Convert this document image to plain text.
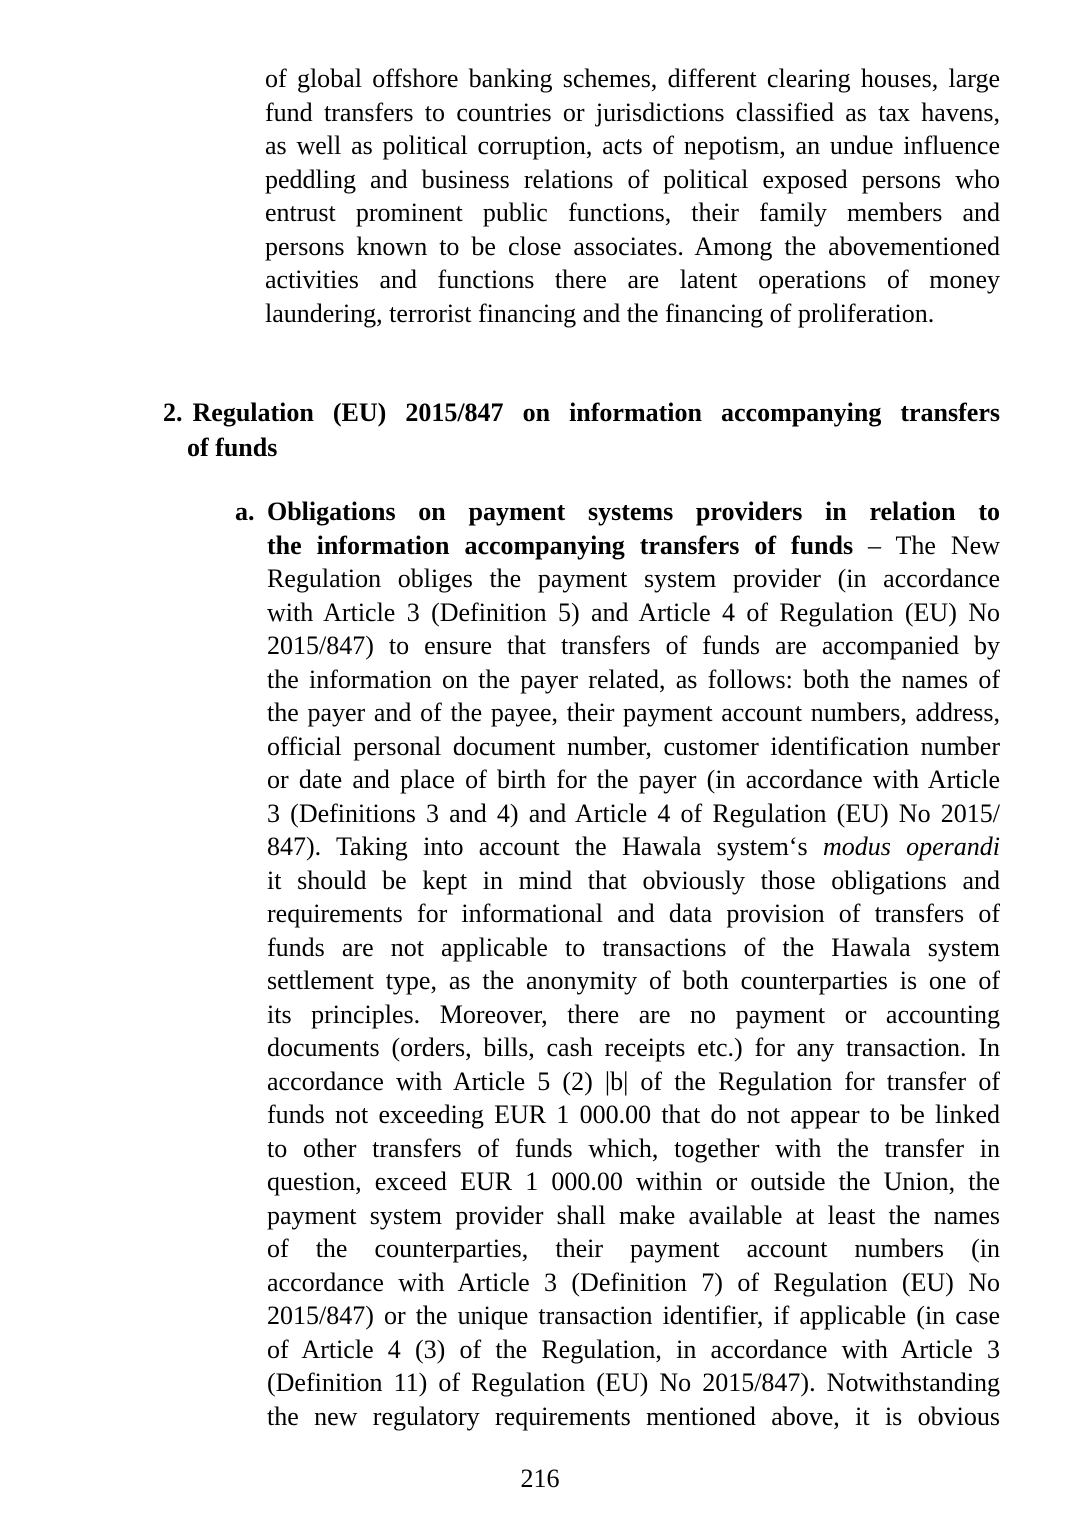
of global offshore banking schemes, different clearing houses, large
fund transfers to countries or jurisdictions classified as tax havens,
as well as political corruption, acts of nepotism, an undue influence
peddling and business relations of political exposed persons who
entrust prominent public functions, their family members and
persons known to be close associates. Among the abovementioned
activities and functions there are latent operations of money
laundering, terrorist financing and the financing of proliferation.
2. Regulation (EU) 2015/847 on information accompanying transfers
of funds
a. Obligations on payment systems providers in relation to
the information accompanying transfers of funds – The New
Regulation obliges the payment system provider (in accordance
with Article 3 (Definition 5) and Article 4 of Regulation (EU) No
2015/847) to ensure that transfers of funds are accompanied by
the information on the payer related, as follows: both the names of
the payer and of the payee, their payment account numbers, address,
official personal document number, customer identification number
or date and place of birth for the payer (in accordance with Article
3 (Definitions 3 and 4) and Article 4 of Regulation (EU) No 2015/
847). Taking into account the Hawala system‘s modus operandi
it should be kept in mind that obviously those obligations and
requirements for informational and data provision of transfers of
funds are not applicable to transactions of the Hawala system
settlement type, as the anonymity of both counterparties is one of
its principles. Moreover, there are no payment or accounting
documents (orders, bills, cash receipts etc.) for any transaction. In
accordance with Article 5 (2) |b| of the Regulation for transfer of
funds not exceeding EUR 1 000.00 that do not appear to be linked
to other transfers of funds which, together with the transfer in
question, exceed EUR 1 000.00 within or outside the Union, the
payment system provider shall make available at least the names
of the counterparties, their payment account numbers (in
accordance with Article 3 (Definition 7) of Regulation (EU) No
2015/847) or the unique transaction identifier, if applicable (in case
of Article 4 (3) of the Regulation, in accordance with Article 3
(Definition 11) of Regulation (EU) No 2015/847). Notwithstanding
the new regulatory requirements mentioned above, it is obvious
216
